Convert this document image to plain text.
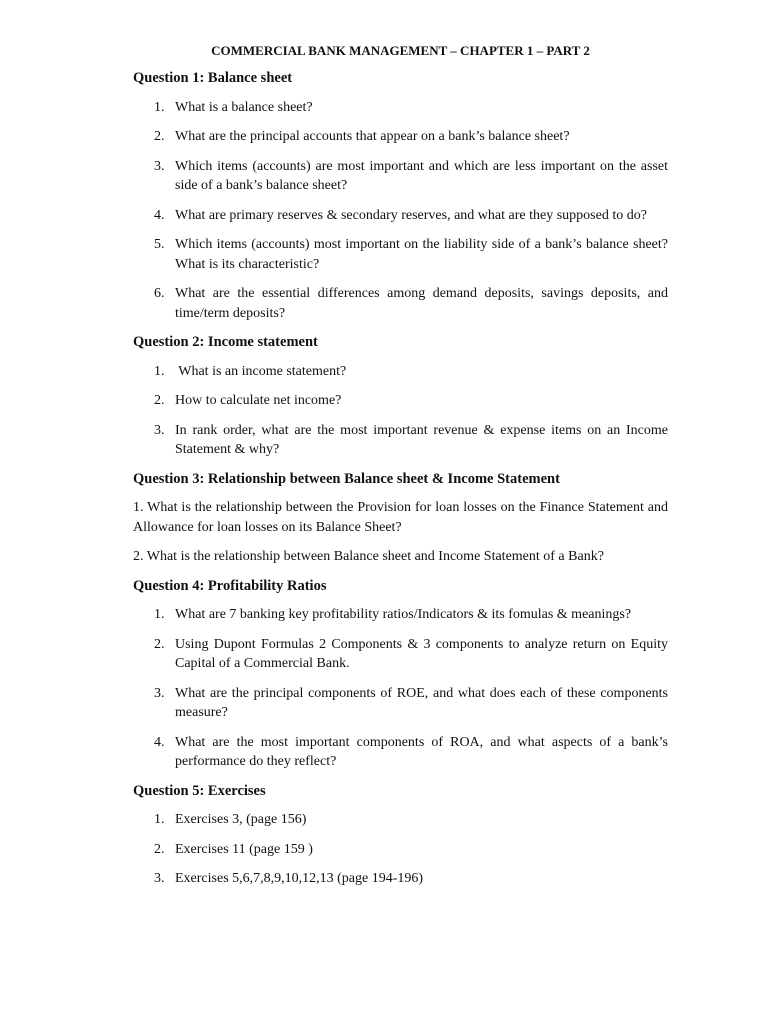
COMMERCIAL BANK MANAGEMENT – CHAPTER 1 – PART 2
Question 1: Balance sheet
1. What is a balance sheet?
2. What are the principal accounts that appear on a bank’s balance sheet?
3. Which items (accounts) are most important and which are less important on the asset side of a bank’s balance sheet?
4. What are primary reserves & secondary reserves, and what are they supposed to do?
5. Which items (accounts) most important on the liability side of a bank’s balance sheet? What is its characteristic?
6. What are the essential differences among demand deposits, savings deposits, and time/term deposits?
Question 2: Income statement
1. What is an income statement?
2. How to calculate net income?
3. In rank order, what are the most important revenue & expense items on an Income Statement & why?
Question 3: Relationship between Balance sheet & Income Statement

1. What is the relationship between the Provision for loan losses on the Finance Statement and Allowance for loan losses on its Balance Sheet?

2. What is the relationship between Balance sheet and Income Statement of a Bank?

Question 4: Profitability Ratios
1. What are 7 banking key profitability ratios/Indicators & its fomulas & meanings?
2. Using Dupont Formulas 2 Components & 3 components to analyze return on Equity Capital of a Commercial Bank.
3. What are the principal components of ROE, and what does each of these components measure?
4. What are the most important components of ROA, and what aspects of a bank’s performance do they reflect?
Question 5: Exercises
1. Exercises 3, (page 156)
2. Exercises 11 (page 159 )
3. Exercises 5,6,7,8,9,10,12,13 (page 194-196)
